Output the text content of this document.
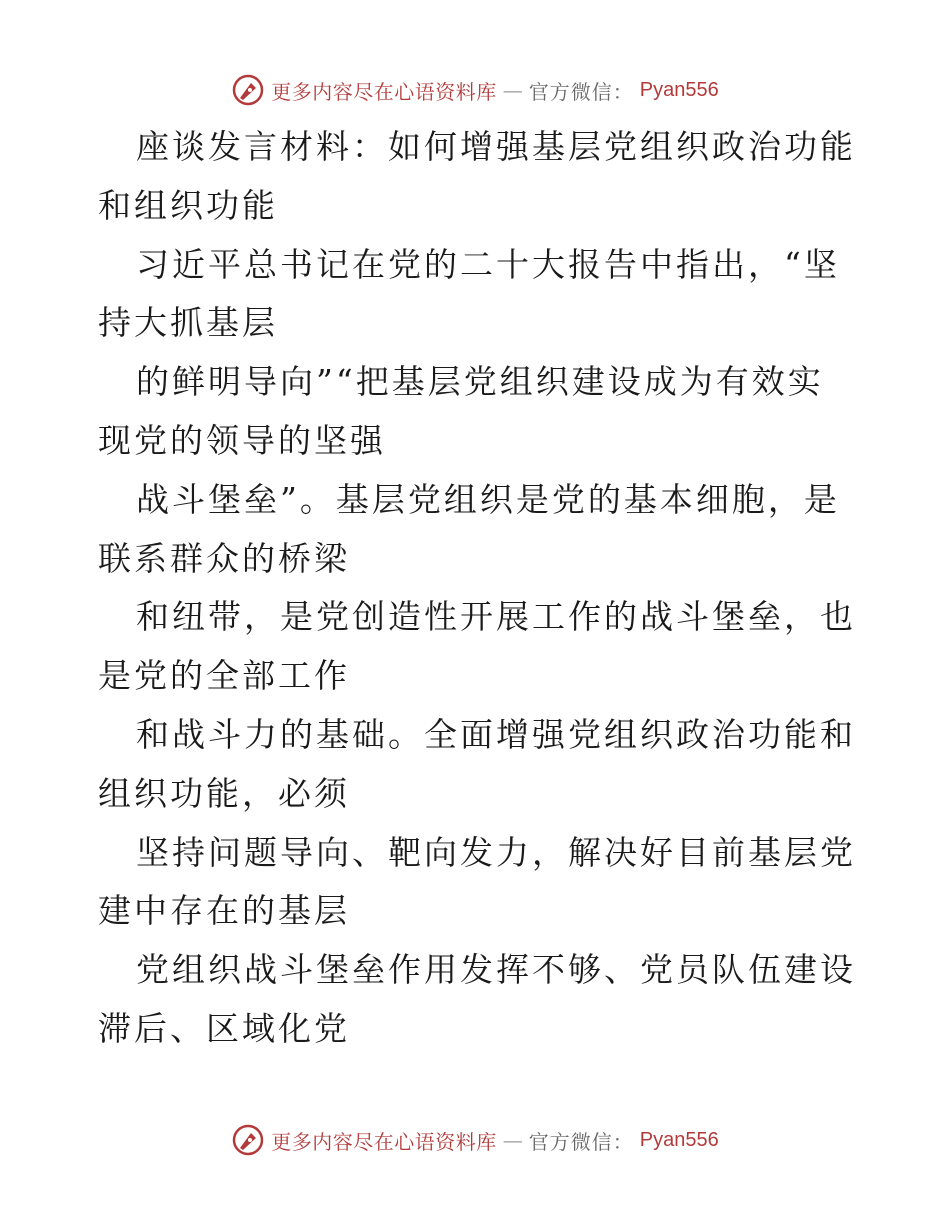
更多内容尽在心语资料库 — 官方微信： Pyan556

座谈发言材料：如何增强基层党组织政治功能和组织功能

习近平总书记在党的二十大报告中指出，“坚持大抓基层

的鲜明导向”“把基层党组织建设成为有效实现党的领导的坚强

战斗堡垒”。基层党组织是党的基本细胞，是联系群众的桥梁

和纽带，是党创造性开展工作的战斗堡垒，也是党的全部工作

和战斗力的基础。全面增强党组织政治功能和组织功能，必须

坚持问题导向、靶向发力，解决好目前基层党建中存在的基层

党组织战斗堡垒作用发挥不够、党员队伍建设滞后、区域化党

更多内容尽在心语资料库 — 官方微信： Pyan556
